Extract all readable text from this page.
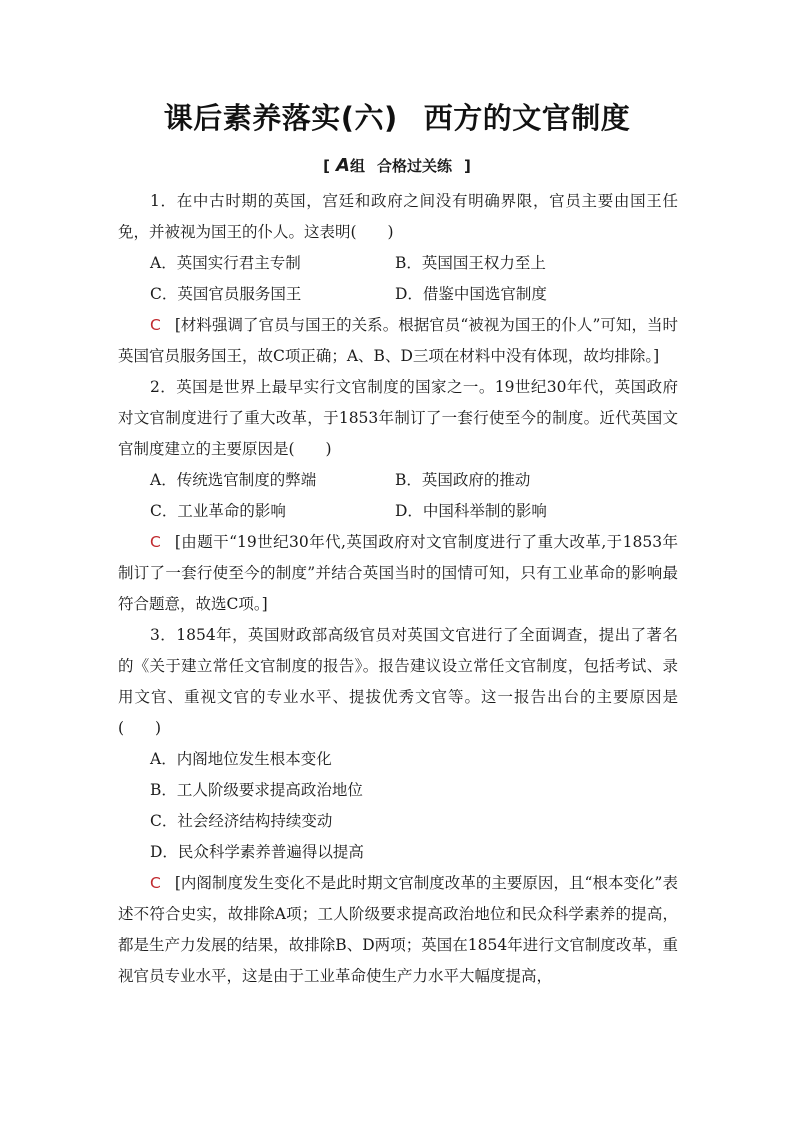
课后素养落实(六) 西方的文官制度
[ A组 合格过关练 ]

1．在中古时期的英国，宫廷和政府之间没有明确界限，官员主要由国王任免，并被视为国王的仆人。这表明(　　)

A．英国实行君主专制	B．英国国王权力至上
C．英国官员服务国王	D．借鉴中国选官制度

C [材料强调了官员与国王的关系。根据官员“被视为国王的仆人”可知，当时英国官员服务国王，故C项正确；A、B、D三项在材料中没有体现，故均排除。]

2．英国是世界上最早实行文官制度的国家之一。19世纪30年代，英国政府对文官制度进行了重大改革，于1853年制订了一套行使至今的制度。近代英国文官制度建立的主要原因是(　　)

A．传统选官制度的弊端	B．英国政府的推动
C．工业革命的影响	D．中国科举制的影响

C [由题干“19世纪30年代,英国政府对文官制度进行了重大改革,于1853年制订了一套行使至今的制度”并结合英国当时的国情可知，只有工业革命的影响最符合题意，故选C项。]

3．1854年，英国财政部高级官员对英国文官进行了全面调查，提出了著名的《关于建立常任文官制度的报告》。报告建议设立常任文官制度，包括考试、录用文官、重视文官的专业水平、提拔优秀文官等。这一报告出台的主要原因是(　　)

A．内阁地位发生根本变化

B．工人阶级要求提高政治地位

C．社会经济结构持续变动

D．民众科学素养普遍得以提高

C [内阁制度发生变化不是此时期文官制度改革的主要原因，且“根本变化”表述不符合史实，故排除A项；工人阶级要求提高政治地位和民众科学素养的提高，都是生产力发展的结果，故排除B、D两项；英国在1854年进行文官制度改革，重视官员专业水平，这是由于工业革命使生产力水平大幅度提高，
